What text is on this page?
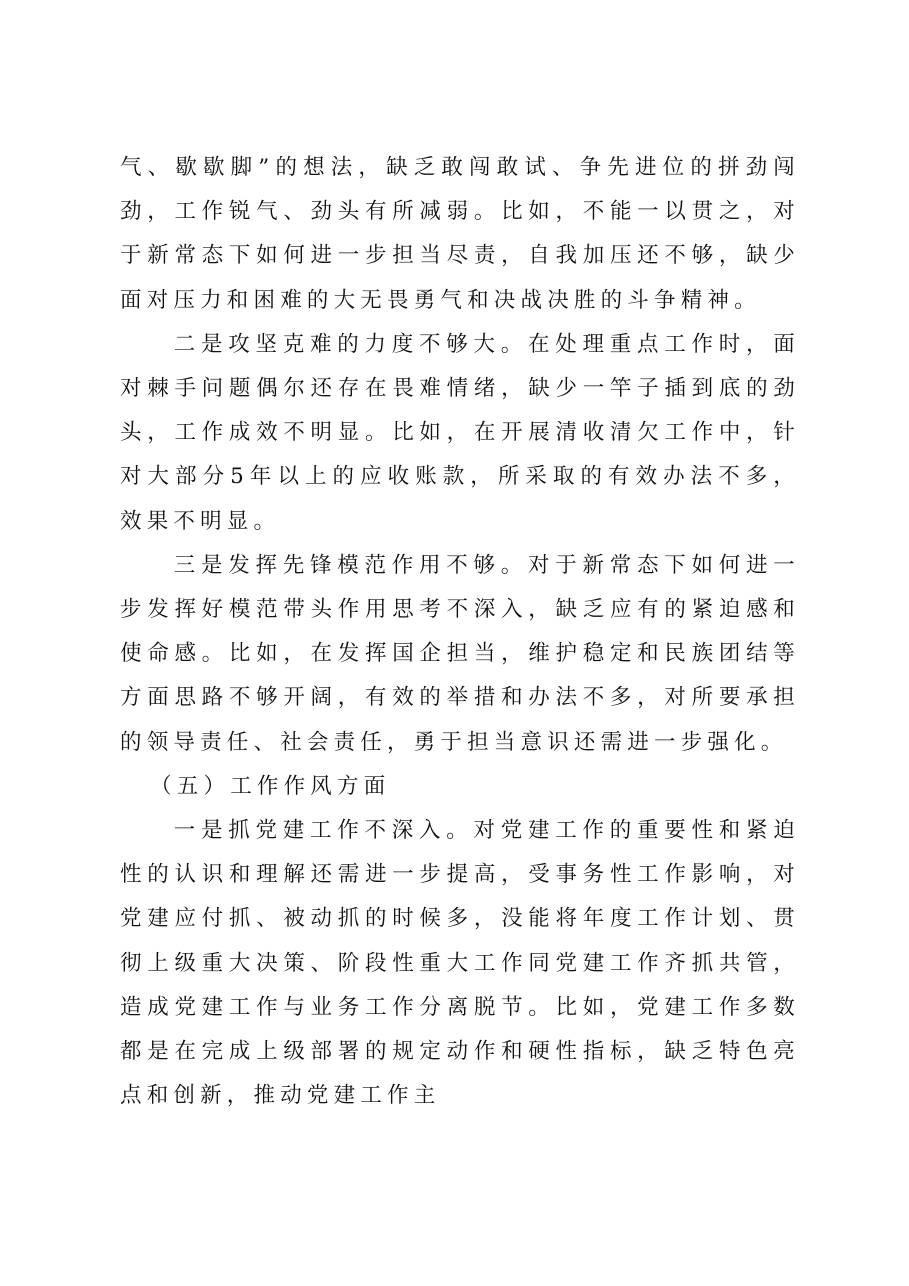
气、歇歇脚”的想法，缺乏敢闯敢试、争先进位的拼劲闯劲，工作锐气、劲头有所减弱。比如，不能一以贯之，对于新常态下如何进一步担当尽责，自我加压还不够，缺少面对压力和困难的大无畏勇气和决战决胜的斗争精神。

二是攻坚克难的力度不够大。在处理重点工作时，面对棘手问题偶尔还存在畏难情绪，缺少一竿子插到底的劲头，工作成效不明显。比如，在开展清收清欠工作中，针对大部分5年以上的应收账款，所采取的有效办法不多，效果不明显。

三是发挥先锋模范作用不够。对于新常态下如何进一步发挥好模范带头作用思考不深入，缺乏应有的紧迫感和使命感。比如，在发挥国企担当，维护稳定和民族团结等方面思路不够开阔，有效的举措和办法不多，对所要承担的领导责任、社会责任，勇于担当意识还需进一步强化。

（五）工作作风方面

一是抓党建工作不深入。对党建工作的重要性和紧迫性的认识和理解还需进一步提高，受事务性工作影响，对党建应付抓、被动抓的时候多，没能将年度工作计划、贯彻上级重大决策、阶段性重大工作同党建工作齐抓共管，造成党建工作与业务工作分离脱节。比如，党建工作多数都是在完成上级部署的规定动作和硬性指标，缺乏特色亮点和创新，推动党建工作主
